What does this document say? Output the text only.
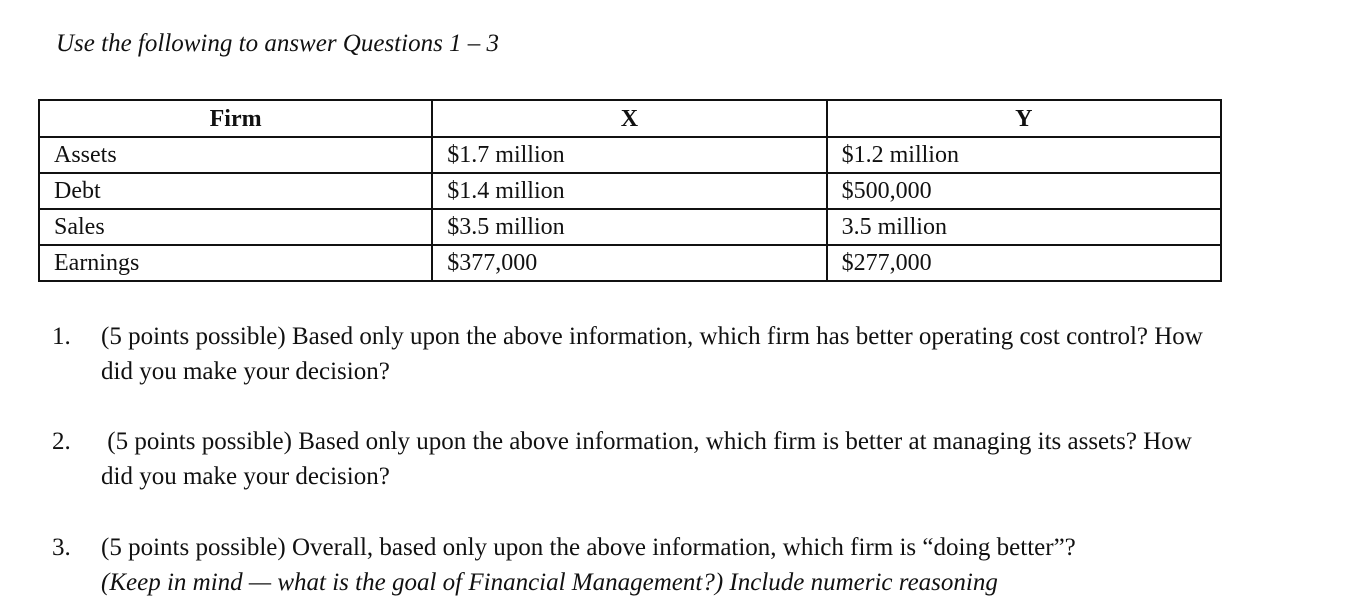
Use the following to answer Questions 1 – 3
Firm	X	Y
Assets	$1.7 million	$1.2 million
Debt	$1.4 million	$500,000
Sales	$3.5 million	3.5 million
Earnings	$377,000	$277,000
1.	(5 points possible) Based only upon the above information, which firm has better operating cost control? How did you make your decision?
2.	(5 points possible) Based only upon the above information, which firm is better at managing its assets? How did you make your decision?
3.	(5 points possible) Overall, based only upon the above information, which firm is “doing better”?
(Keep in mind — what is the goal of Financial Management?) Include numeric reasoning
